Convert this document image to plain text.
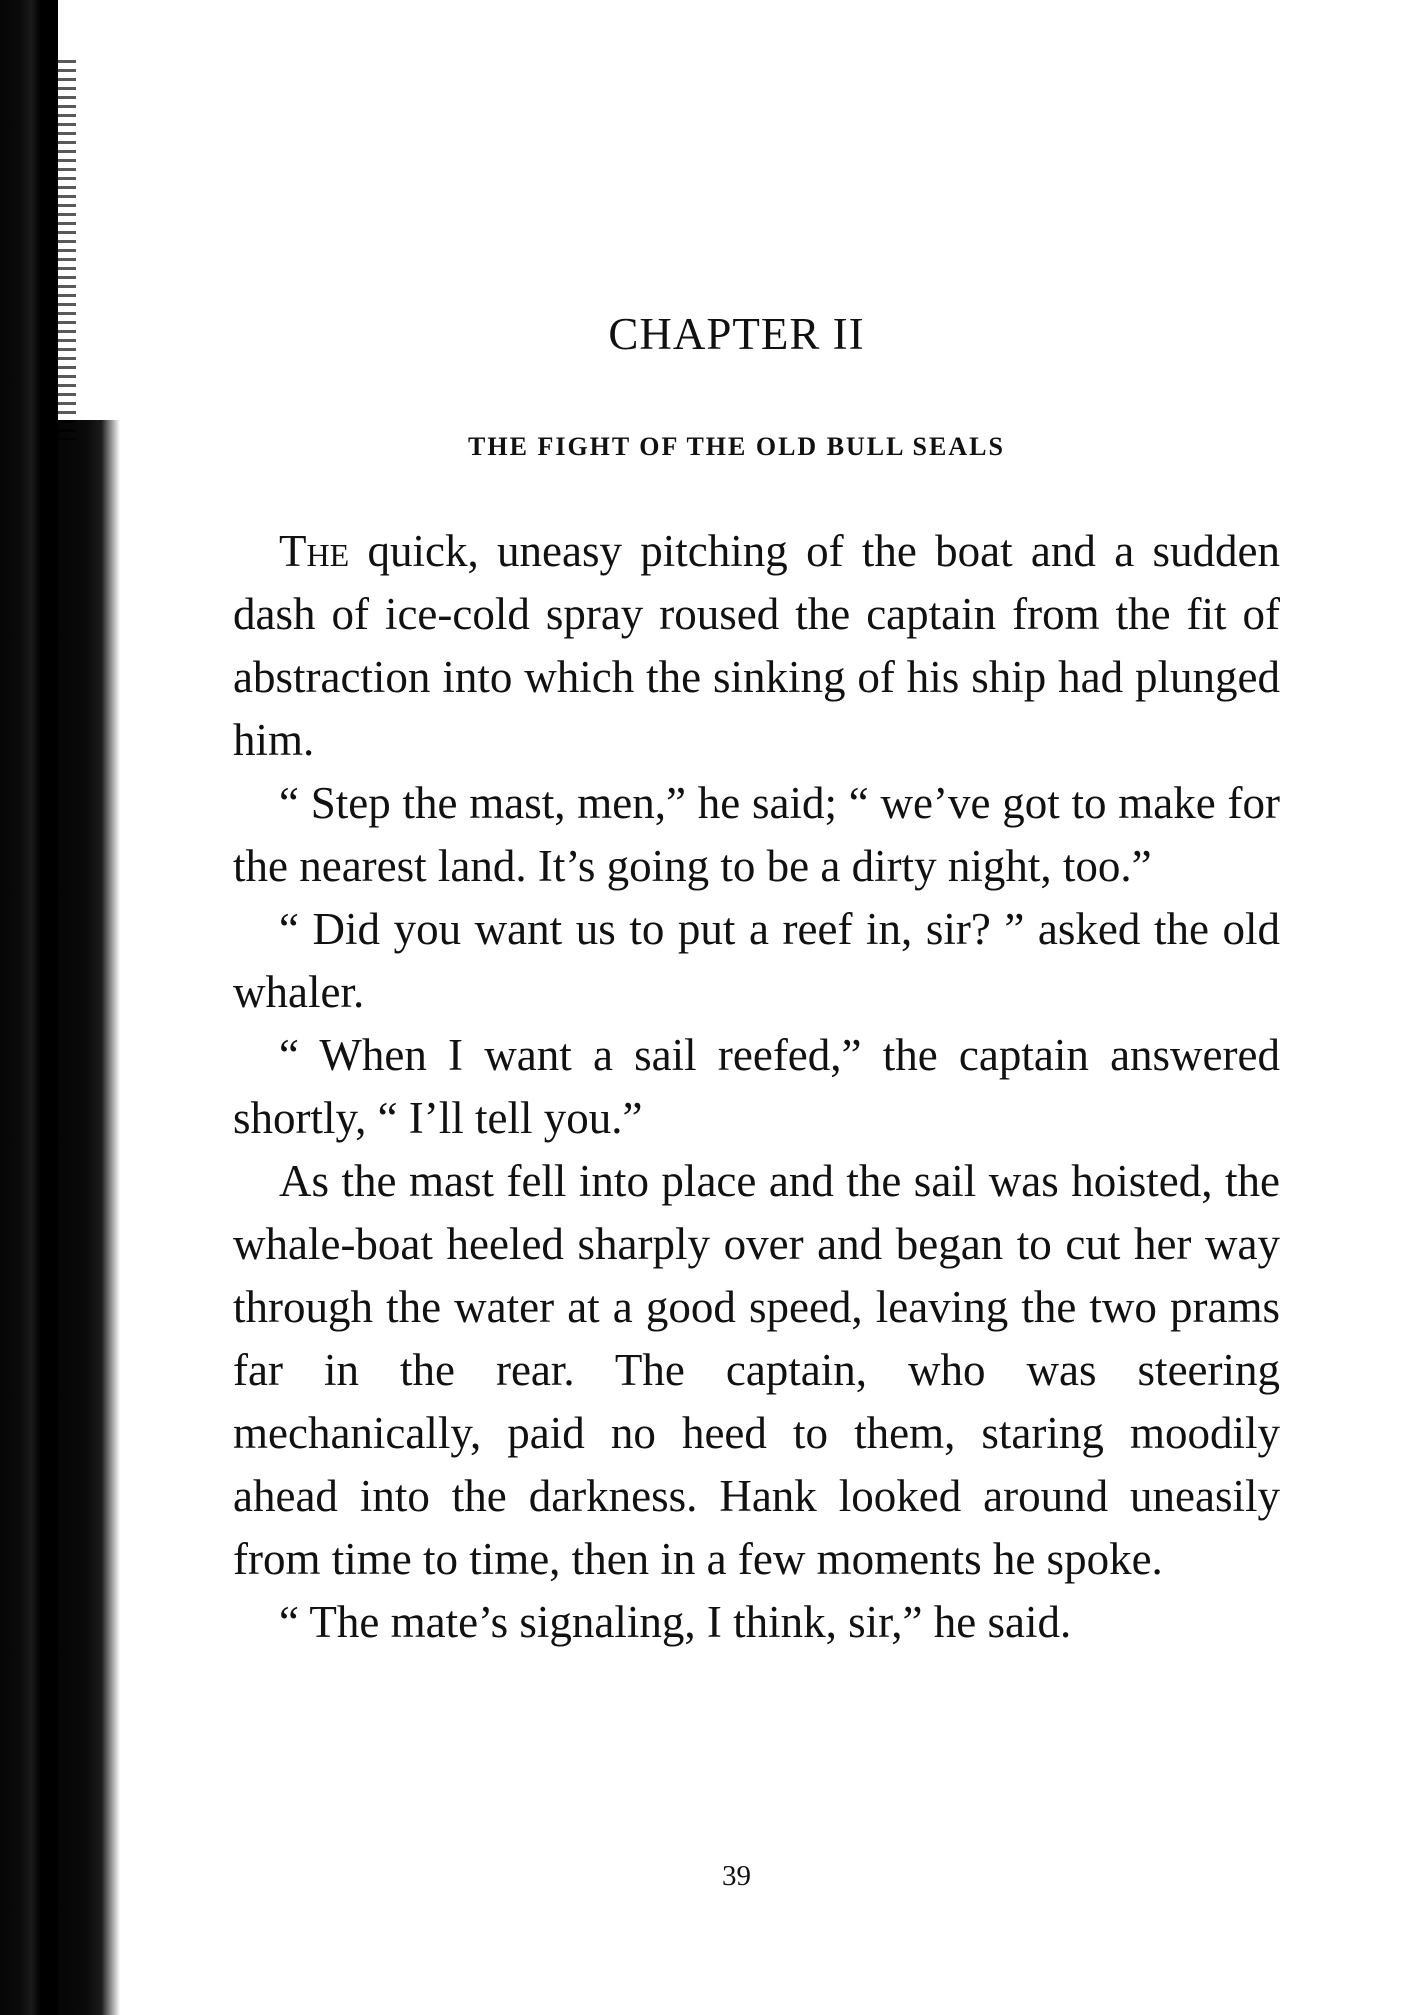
CHAPTER II
THE FIGHT OF THE OLD BULL SEALS

The quick, uneasy pitching of the boat and a sudden dash of ice-cold spray roused the captain from the fit of abstraction into which the sinking of his ship had plunged him.

“ Step the mast, men,” he said; “ we’ve got to make for the nearest land. It’s going to be a dirty night, too.”

“ Did you want us to put a reef in, sir? ” asked the old whaler.

“ When I want a sail reefed,” the captain answered shortly, “ I’ll tell you.”

As the mast fell into place and the sail was hoisted, the whale-boat heeled sharply over and began to cut her way through the water at a good speed, leaving the two prams far in the rear. The captain, who was steering mechanically, paid no heed to them, staring moodily ahead into the darkness. Hank looked around uneasily from time to time, then in a few moments he spoke.

“ The mate’s signaling, I think, sir,” he said.

39
